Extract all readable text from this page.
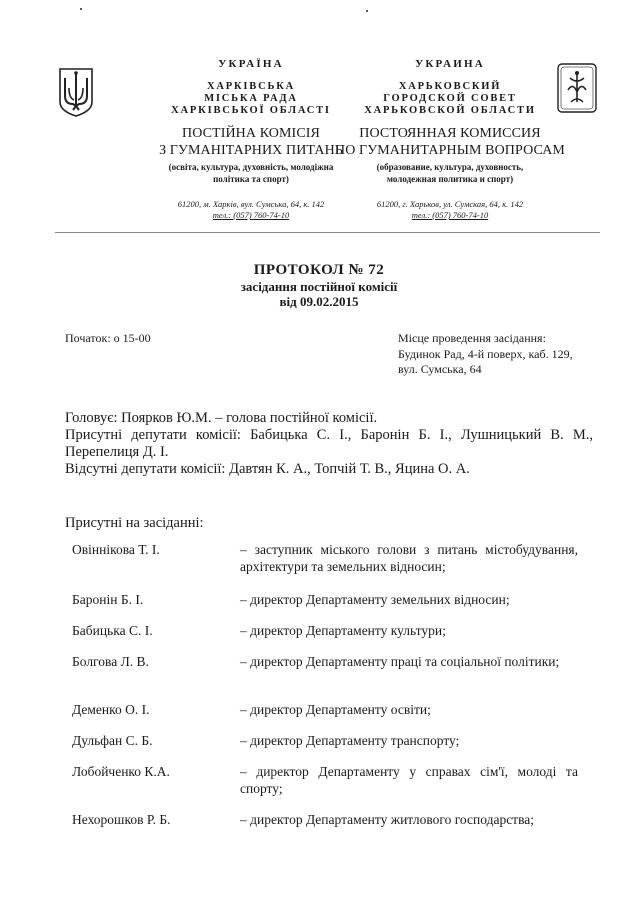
УКРАЇНА
ХАРКІВСЬКА
МІСЬКА РАДА
ХАРКІВСЬКОЇ ОБЛАСТІ
ПОСТІЙНА КОМІСІЯ
З ГУМАНІТАРНИХ ПИТАНЬ
(освіта, культура, духовність, молодіжна
політика та спорт)
61200, м. Харків, вул. Сумська, 64, к. 142
тел.: (057) 760-74-10
УКРАИНА
ХАРЬКОВСКИЙ
ГОРОДСКОЙ СОВЕТ
ХАРЬКОВСКОЙ ОБЛАСТИ
ПОСТОЯННАЯ КОМИССИЯ
ПО ГУМАНИТАРНЫМ ВОПРОСАМ
(образование, культура, духовность,
молодежная политика и спорт)
61200, г. Харьков, ул. Сумская, 64, к. 142
тел.: (057) 760-74-10
ПРОТОКОЛ № 72
засідання постійної комісії
від 09.02.2015
Початок: о 15-00	Місце проведення засідання:
Будинок Рад, 4-й поверх, каб. 129,
вул. Сумська, 64
Головує: Поярков Ю.М. – голова постійної комісії.
Присутні депутати комісії: Бабицька С. І., Баронін Б. І., Лушницький В. М., Перепелиця Д. І.
Відсутні депутати комісії: Давтян К. А., Топчій Т. В., Яцина О. А.
Присутні на засіданні:
Овіннікова Т. І.	– заступник міського голови з питань містобудування, архітектури та земельних відносин;
Баронін Б. І.	– директор Департаменту земельних відносин;
Бабицька С. І.	– директор Департаменту культури;
Болгова Л. В.	– директор Департаменту праці та соціальної політики;
Деменко О. І.	– директор Департаменту освіти;
Дульфан С. Б.	– директор Департаменту транспорту;
Лобойченко К.А.	– директор Департаменту у справах сім'ї, молоді та спорту;
Нехорошков Р. Б.	– директор Департаменту житлового господарства;
